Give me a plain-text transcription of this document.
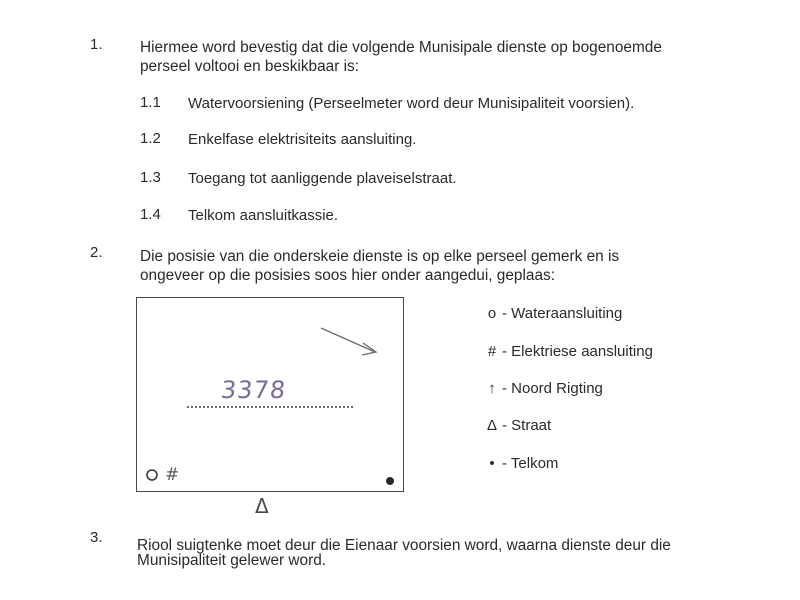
1. Hiermee word bevestig dat die volgende Munisipale dienste op bogenoemde
perseel voltooi en beskikbaar is:
1.1 Watervoorsiening (Perseelmeter word deur Munisipaliteit voorsien).
1.2 Enkelfase elektrisiteits aansluiting.
1.3 Toegang tot aanliggende plaveiselstraat.
1.4 Telkom aansluitkassie.
2. Die posisie van die onderskeie dienste is op elke perseel gemerk en is
ongeveer op die posisies soos hier onder aangedui, geplaas:
3378
#
Δ
o - Wateraansluiting
# - Elektriese aansluiting
↑ - Noord Rigting
Δ - Straat
• - Telkom
3. Riool suigtenke moet deur die Eienaar voorsien word, waarna dienste deur die
Munisipaliteit gelewer word.
